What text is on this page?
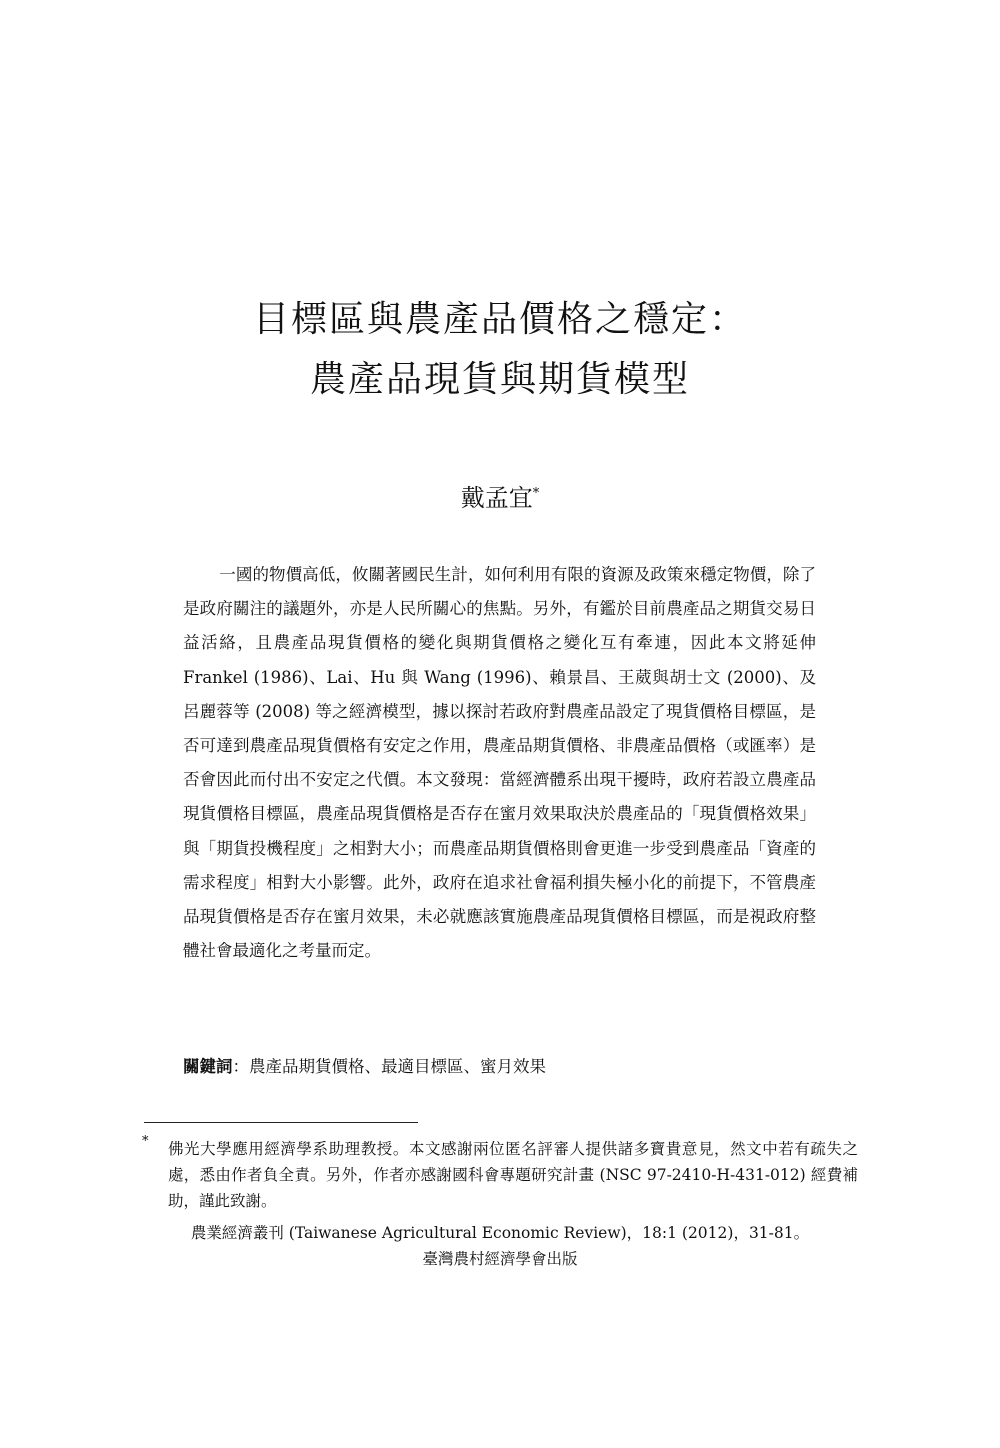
目標區與農產品價格之穩定：
農產品現貨與期貨模型
戴孟宜*

一國的物價高低，攸關著國民生計，如何利用有限的資源及政策來穩定物價，除了是政府關注的議題外，亦是人民所關心的焦點。另外，有鑑於目前農產品之期貨交易日益活絡，且農產品現貨價格的變化與期貨價格之變化互有牽連，因此本文將延伸 Frankel (1986)、Lai、Hu 與 Wang (1996)、賴景昌、王葳與胡士文 (2000)、及呂麗蓉等 (2008) 等之經濟模型，據以探討若政府對農產品設定了現貨價格目標區，是否可達到農產品現貨價格有安定之作用，農產品期貨價格、非農產品價格（或匯率）是否會因此而付出不安定之代價。本文發現：當經濟體系出現干擾時，政府若設立農產品現貨價格目標區，農產品現貨價格是否存在蜜月效果取決於農產品的「現貨價格效果」與「期貨投機程度」之相對大小；而農產品期貨價格則會更進一步受到農產品「資產的需求程度」相對大小影響。此外，政府在追求社會福利損失極小化的前提下，不管農產品現貨價格是否存在蜜月效果，未必就應該實施農產品現貨價格目標區，而是視政府整體社會最適化之考量而定。

關鍵詞：農產品期貨價格、最適目標區、蜜月效果
* 佛光大學應用經濟學系助理教授。本文感謝兩位匿名評審人提供諸多寶貴意見，然文中若有疏失之處，悉由作者負全責。另外，作者亦感謝國科會專題研究計畫 (NSC 97-2410-H-431-012) 經費補助，謹此致謝。

農業經濟叢刊 (Taiwanese Agricultural Economic Review)，18:1 (2012)，31-81。
臺灣農村經濟學會出版
